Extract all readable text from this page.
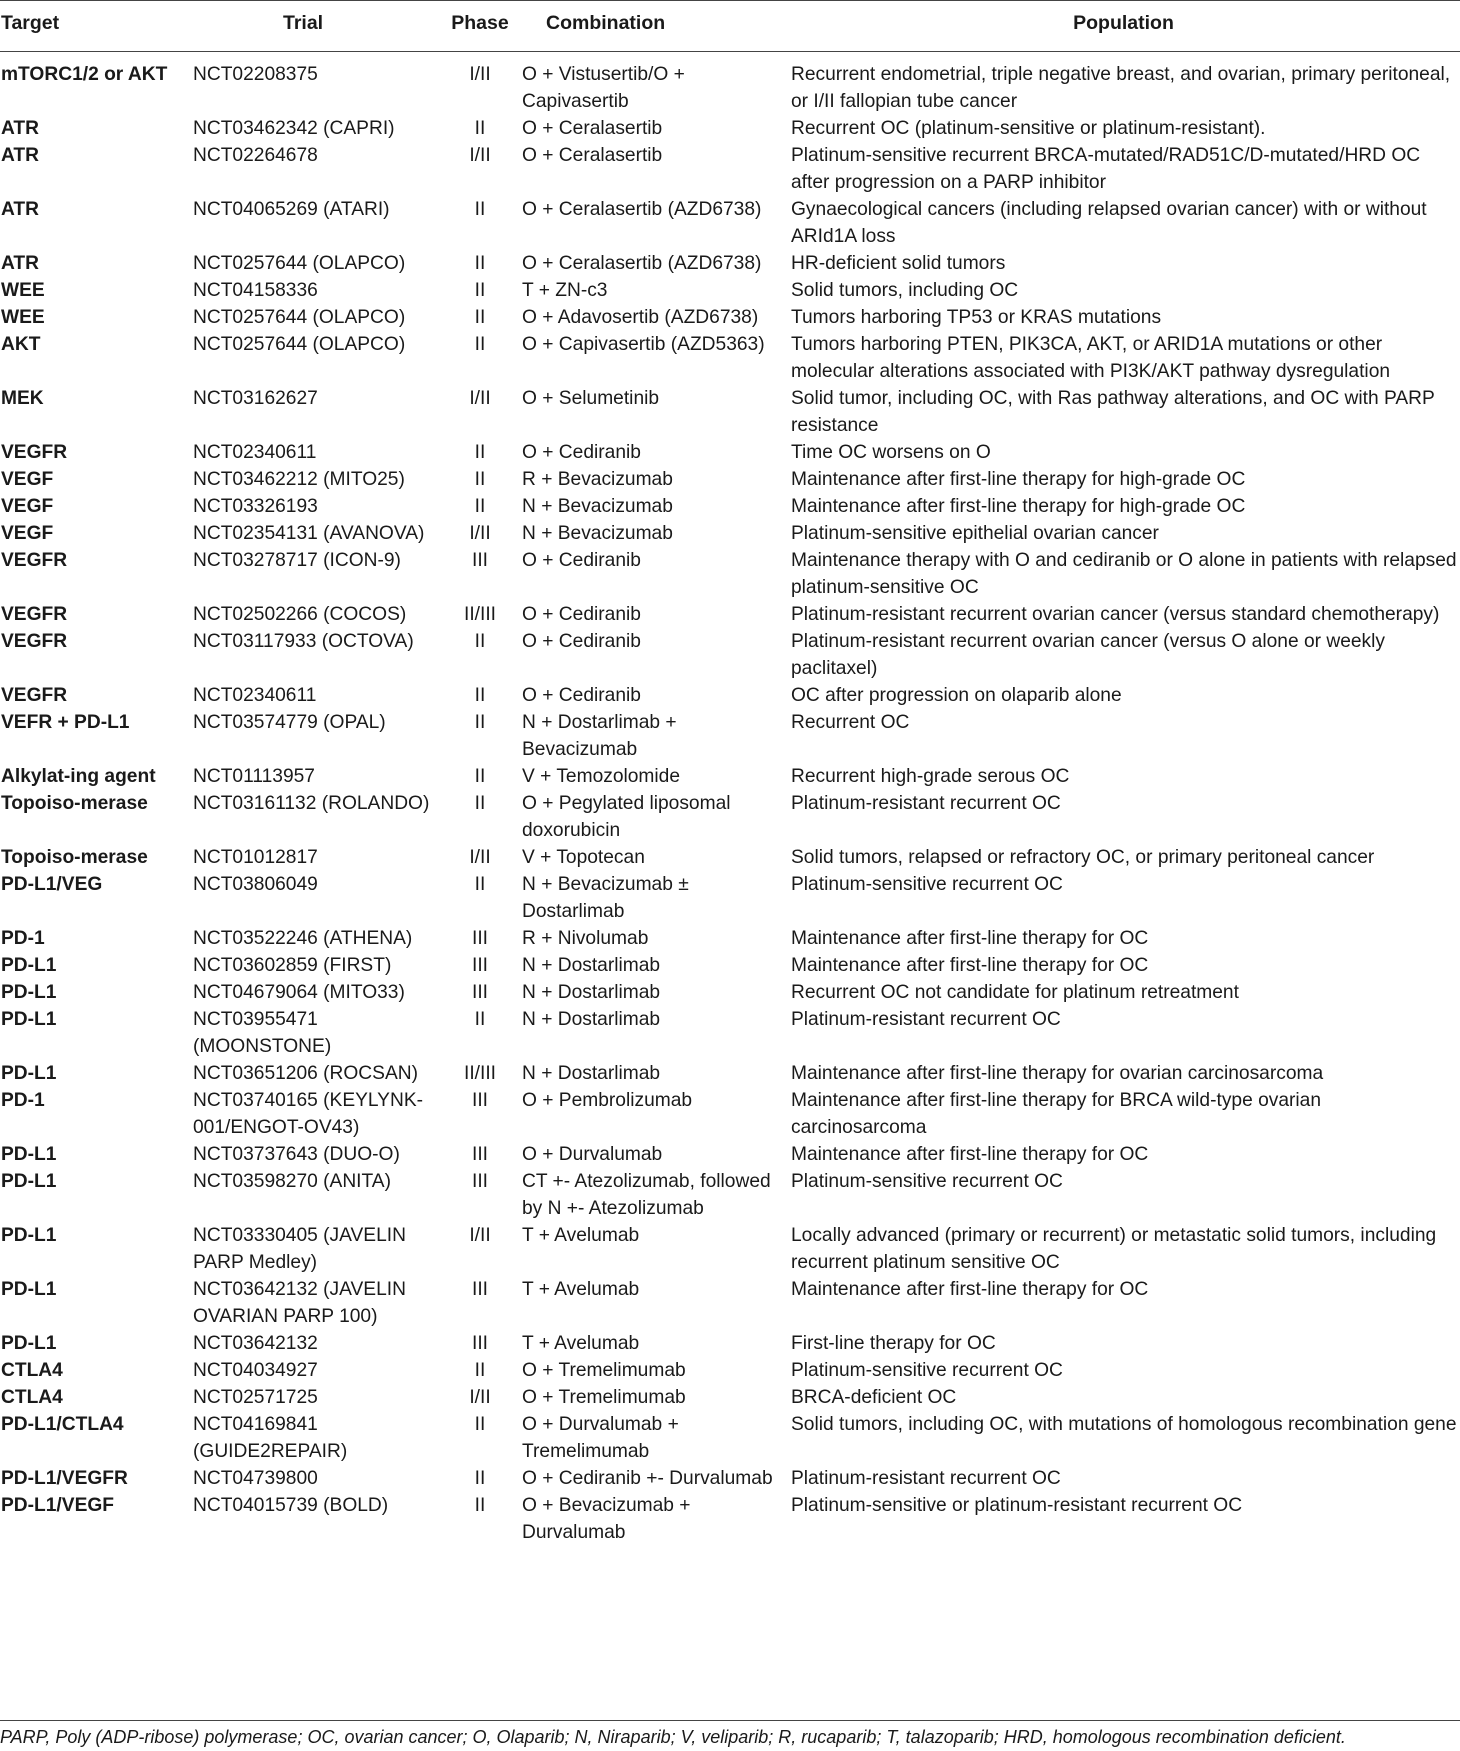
Target	Trial	Phase	Combination	Population
mTORC1/2 or AKT	NCT02208375	I/II	O + Vistusertib/O + Capivasertib	Recurrent endometrial, triple negative breast, and ovarian, primary peritoneal, or I/II fallopian tube cancer
ATR	NCT03462342 (CAPRI)	II	O + Ceralasertib	Recurrent OC (platinum-sensitive or platinum-resistant).
ATR	NCT02264678	I/II	O + Ceralasertib	Platinum-sensitive recurrent BRCA-mutated/RAD51C/D-mutated/HRD OC after progression on a PARP inhibitor
ATR	NCT04065269 (ATARI)	II	O + Ceralasertib (AZD6738)	Gynaecological cancers (including relapsed ovarian cancer) with or without ARId1A loss
ATR	NCT0257644 (OLAPCO)	II	O + Ceralasertib (AZD6738)	HR-deficient solid tumors
WEE	NCT04158336	II	T + ZN-c3	Solid tumors, including OC
WEE	NCT0257644 (OLAPCO)	II	O + Adavosertib (AZD6738)	Tumors harboring TP53 or KRAS mutations
AKT	NCT0257644 (OLAPCO)	II	O + Capivasertib (AZD5363)	Tumors harboring PTEN, PIK3CA, AKT, or ARID1A mutations or other molecular alterations associated with PI3K/AKT pathway dysregulation
MEK	NCT03162627	I/II	O + Selumetinib	Solid tumor, including OC, with Ras pathway alterations, and OC with PARP resistance
VEGFR	NCT02340611	II	O + Cediranib	Time OC worsens on O
VEGF	NCT03462212 (MITO25)	II	R + Bevacizumab	Maintenance after first-line therapy for high-grade OC
VEGF	NCT03326193	II	N + Bevacizumab	Maintenance after first-line therapy for high-grade OC
VEGF	NCT02354131 (AVANOVA)	I/II	N + Bevacizumab	Platinum-sensitive epithelial ovarian cancer
VEGFR	NCT03278717 (ICON-9)	III	O + Cediranib	Maintenance therapy with O and cediranib or O alone in patients with relapsed platinum-sensitive OC
VEGFR	NCT02502266 (COCOS)	II/III	O + Cediranib	Platinum-resistant recurrent ovarian cancer (versus standard chemotherapy)
VEGFR	NCT03117933 (OCTOVA)	II	O + Cediranib	Platinum-resistant recurrent ovarian cancer (versus O alone or weekly paclitaxel)
VEGFR	NCT02340611	II	O + Cediranib	OC after progression on olaparib alone
VEFR + PD-L1	NCT03574779 (OPAL)	II	N + Dostarlimab + Bevacizumab	Recurrent OC
Alkylat-ing agent	NCT01113957	II	V + Temozolomide	Recurrent high-grade serous OC
Topoiso-merase	NCT03161132 (ROLANDO)	II	O + Pegylated liposomal doxorubicin	Platinum-resistant recurrent OC
Topoiso-merase	NCT01012817	I/II	V + Topotecan	Solid tumors, relapsed or refractory OC, or primary peritoneal cancer
PD-L1/VEG	NCT03806049	II	N + Bevacizumab ± Dostarlimab	Platinum-sensitive recurrent OC
PD-1	NCT03522246 (ATHENA)	III	R + Nivolumab	Maintenance after first-line therapy for OC
PD-L1	NCT03602859 (FIRST)	III	N + Dostarlimab	Maintenance after first-line therapy for OC
PD-L1	NCT04679064 (MITO33)	III	N + Dostarlimab	Recurrent OC not candidate for platinum retreatment
PD-L1	NCT03955471 (MOONSTONE)	II	N + Dostarlimab	Platinum-resistant recurrent OC
PD-L1	NCT03651206 (ROCSAN)	II/III	N + Dostarlimab	Maintenance after first-line therapy for ovarian carcinosarcoma
PD-1	NCT03740165 (KEYLYNK-001/ENGOT-OV43)	III	O + Pembrolizumab	Maintenance after first-line therapy for BRCA wild-type ovarian carcinosarcoma
PD-L1	NCT03737643 (DUO-O)	III	O + Durvalumab	Maintenance after first-line therapy for OC
PD-L1	NCT03598270 (ANITA)	III	CT +- Atezolizumab, followed by N +- Atezolizumab	Platinum-sensitive recurrent OC
PD-L1	NCT03330405 (JAVELIN PARP Medley)	I/II	T + Avelumab	Locally advanced (primary or recurrent) or metastatic solid tumors, including recurrent platinum sensitive OC
PD-L1	NCT03642132 (JAVELIN OVARIAN PARP 100)	III	T + Avelumab	Maintenance after first-line therapy for OC
PD-L1	NCT03642132	III	T + Avelumab	First-line therapy for OC
CTLA4	NCT04034927	II	O + Tremelimumab	Platinum-sensitive recurrent OC
CTLA4	NCT02571725	I/II	O + Tremelimumab	BRCA-deficient OC
PD-L1/CTLA4	NCT04169841 (GUIDE2REPAIR)	II	O + Durvalumab + Tremelimumab	Solid tumors, including OC, with mutations of homologous recombination gene
PD-L1/VEGFR	NCT04739800	II	O + Cediranib +- Durvalumab	Platinum-resistant recurrent OC
PD-L1/VEGF	NCT04015739 (BOLD)	II	O + Bevacizumab + Durvalumab	Platinum-sensitive or platinum-resistant recurrent OC
PARP, Poly (ADP-ribose) polymerase; OC, ovarian cancer; O, Olaparib; N, Niraparib; V, veliparib; R, rucaparib; T, talazoparib; HRD, homologous recombination deficient.
